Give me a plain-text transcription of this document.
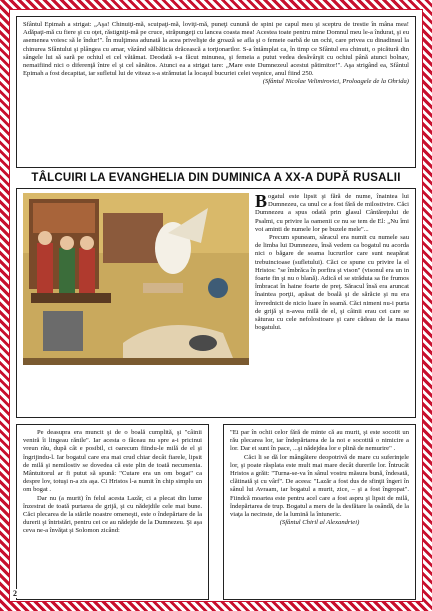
Sfântul Epimah a strigat: „Aşa! Chinuiţi-mă, scuipaţi-mă, loviţi-mă, puneţi cunună de spini pe capul meu şi sceptru de trestie în mâna mea! Adăpaţi-mă cu fiere şi cu oţet, răstigniţi-mă pe cruce, străpungeţi cu lancea coasta mea! Acestea toate pentru mine Domnul meu le-a îndurat, şi eu asemenea voiesc să le îndur!". În mulţimea adunată la acea privelişte de groază se afla şi o femeie oarbă de un ochi, care privea cu dinadinsul la chinurea Sfântului şi plângea cu amar, văzând sălbăticia drăcească a torţionarilor. S-a întâmplat ca, în timp ce Sfântul era chinuit, o picătură din sângele lui să sară pe ochiul ei cel vătămat. Deodată s-a făcut minunea, şi femeia a putut vedea desăvârşit cu ochiul până atunci bolnav, nemaifiind nici o diferenţă între el şi cel sănătos. Atunci ea a strigat tare: „Mare este Dumnezeul acestui pătimitor!". Aşa strigând ea, Sfântul Epimah a fost decapitat, iar sufletul lui de viteaz s-a strămutat la locaşul bucuriei celei veşnice, anul fiind 250.

(Sfântul Nicolae Velimirovici, Proloagele de la Ohrida)

TÂLCUIRI LA EVANGHELIA DIN DUMINICA A XX-A DUPĂ RUSALII
B ogatul este lipsit şi fără de nume, înaintea lui Dumnezeu, ca unul ce a fost fără de milostivire. Căci Dumnezeu a spus odată prin glasul Cântăreţului de Psalmi, cu privire la oamenii ce nu se tem de El: „Nu îmi voi aminti de numele lor pe buzele mele"...

Precum spuneam, săracul era numit cu numele sau de limba lui Dumnezeu, însă vedem ca bogatul nu acorda nici o băgare de seama lucrurilor care sunt neapărat trebuincioase (sufletului). Căci ce spune cu privire la el Hristos: "se îmbrăca în porfira şi vison" (visonul era un in foarte fin şi nu o blană). Adică el se străduia sa fie frumos îmbracat în haine foarte de preţ. Săracul însă era aruncat înaintea porţii, apăsat de boală şi de sărăcie şi nu era învrednicit de nicio luare în seamă. Căci nimeni nu-i purta de grijă şi n-avea milă de el, şi câinii erau cei care se săturau cu cele nefolositoare şi care cădeau de la masa bogatului.

Pe deasupra era muncit şi de o boală cumplită, şi "câinii veniră îi lingeau rănile". Iar acesta o făceau nu spre a-i pricinui vreun rău, după cât e posibil, ci oarecum fiindu-le milă de el şi îngrijindu-l. Iar bogatul care era mai crud chiar decât fiarele, lipsit de milă şi nemilostiv se dovedea că este plin de toată necumenia. Mântuitorul ar fi putut să spună: "Cutare era un om bogat" ca despre lov, totuşi n-a zis aşa. Ci Hristos l-a numit în chip simplu un om bogat .

Dar nu (a murit) în felul acesta Lazăr, ci a plecat din lume înzestrat de toată purtarea de grijă, şi cu nădejdile cele mai bune. Căci plecarea de la stările noastre omeneşti, este o îndepărtare de la durerii şi întristări, pentru cei ce au nădejde de la Dumnezeu. Şi aşa ceva ne-a învăţat şi Solomon zicând:

"Ei par în ochii celor fără de minte că au murit, şi este socotit un rău plecarea lor, iar îndepărtarea de la noi e socotită o nimicire a lor. Dar ei sunt în pace, ...şi nădejdea lor e plină de nemurire" .

Căci li se dă lor mângâiere deopotrivă de mare cu suferinţele lor, şi poate răsplata este mult mai mare decât durerile lor. Întrucât Hristos a grăit: "Turna-se-va în sânul vostru măsura bună, îndesată, clătinată şi cu vârf". De aceea: "Lazăr a fost dus de sfinţii îngeri în sânul lui Avraam, iar bogatul a murit, zice, – şi a fost îngropat". Fiindcă moartea este pentru acel care a fost aspru şi lipsit de milă, îndepărtarea de trup. Bogatul a mers de la desfătare la osândă, de la viaţa la necinste, de la lumină la întuneric.

(Sfântul Chiril al Alexandriei)

2
